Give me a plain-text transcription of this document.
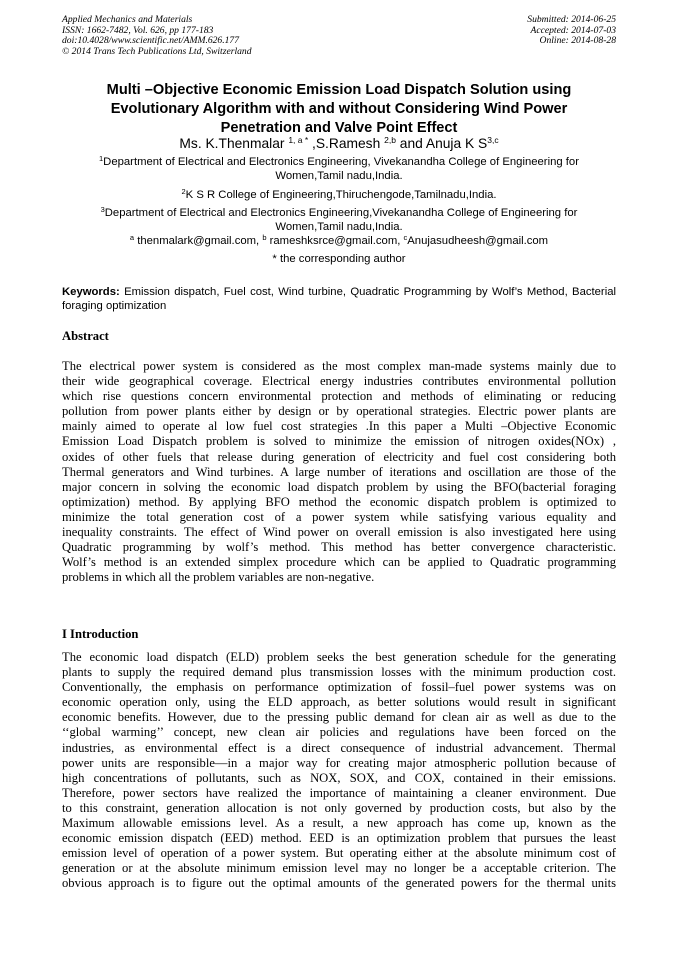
Applied Mechanics and Materials
ISSN: 1662-7482, Vol. 626, pp 177-183
doi:10.4028/www.scientific.net/AMM.626.177
© 2014 Trans Tech Publications Ltd, Switzerland
Submitted: 2014-06-25
Accepted: 2014-07-03
Online: 2014-08-28
Multi –Objective Economic Emission Load Dispatch Solution using
Evolutionary Algorithm with and without Considering Wind Power
Penetration and Valve Point Effect
Ms. K.Thenmalar $^{1, a *}$ ,S.Ramesh $^{2,b}$ and Anuja K S$^{3,c}$
$^1$Department of Electrical and Electronics Engineering, Vivekanandha College of Engineering for
Women,Tamil nadu,India.
$^2$K S R College of Engineering,Thiruchengode,Tamilnadu,India.
$^3$Department of Electrical and Electronics Engineering,Vivekanandha College of Engineering for
Women,Tamil nadu,India.
$^a$ thenmalark@gmail.com, $^b$ rameshksrce@gmail.com, $^c$Anujasudheesh@gmail.com
* the corresponding author
Keywords: Emission dispatch, Fuel cost, Wind turbine, Quadratic Programming by Wolf’s Method, Bacterial foraging optimization
Abstract
The electrical power system is considered as the most complex man-made systems mainly due to
their wide geographical coverage. Electrical energy industries contributes environmental pollution
which rise questions concern environmental protection and methods of eliminating or reducing
pollution from power plants either by design or by operational strategies. Electric power plants are
mainly aimed to operate al low fuel cost strategies .In this paper a Multi –Objective Economic
Emission Load Dispatch problem is solved to minimize the emission of nitrogen oxides(NOx) ,
oxides of other fuels that release during generation of electricity and fuel cost considering both
Thermal generators and Wind turbines. A large number of iterations and oscillation are those of the
major concern in solving the economic load dispatch problem by using the BFO(bacterial foraging
optimization) method. By applying BFO method the economic dispatch problem is optimized to
minimize the total generation cost of a power system while satisfying various equality and
inequality constraints. The effect of Wind power on overall emission is also investigated here using
Quadratic programming by wolf’s method. This method has better convergence characteristic.
Wolf’s method is an extended simplex procedure which can be applied to Quadratic programming
problems in which all the problem variables are non-negative.
I Introduction
The economic load dispatch (ELD) problem seeks the best generation schedule for the generating
plants to supply the required demand plus transmission losses with the minimum production cost.
Conventionally, the emphasis on performance optimization of fossil–fuel power systems was on
economic operation only, using the ELD approach, as better solutions would result in significant
economic benefits. However, due to the pressing public demand for clean air as well as due to the
‘‘global warming’’ concept, new clean air policies and regulations have been forced on the
industries, as environmental effect is a direct consequence of industrial advancement. Thermal
power units are responsible—in a major way for creating major atmospheric pollution because of
high concentrations of pollutants, such as NOX, SOX, and COX, contained in their emissions.
Therefore, power sectors have realized the importance of maintaining a cleaner environment. Due
to this constraint, generation allocation is not only governed by production costs, but also by the
Maximum allowable emissions level. As a result, a new approach has come up, known as the
economic emission dispatch (EED) method. EED is an optimization problem that pursues the least
emission level of operation of a power system. But operating either at the absolute minimum cost of
generation or at the absolute minimum emission level may no longer be a acceptable criterion. The
obvious approach is to figure out the optimal amounts of the generated powers for the thermal units
